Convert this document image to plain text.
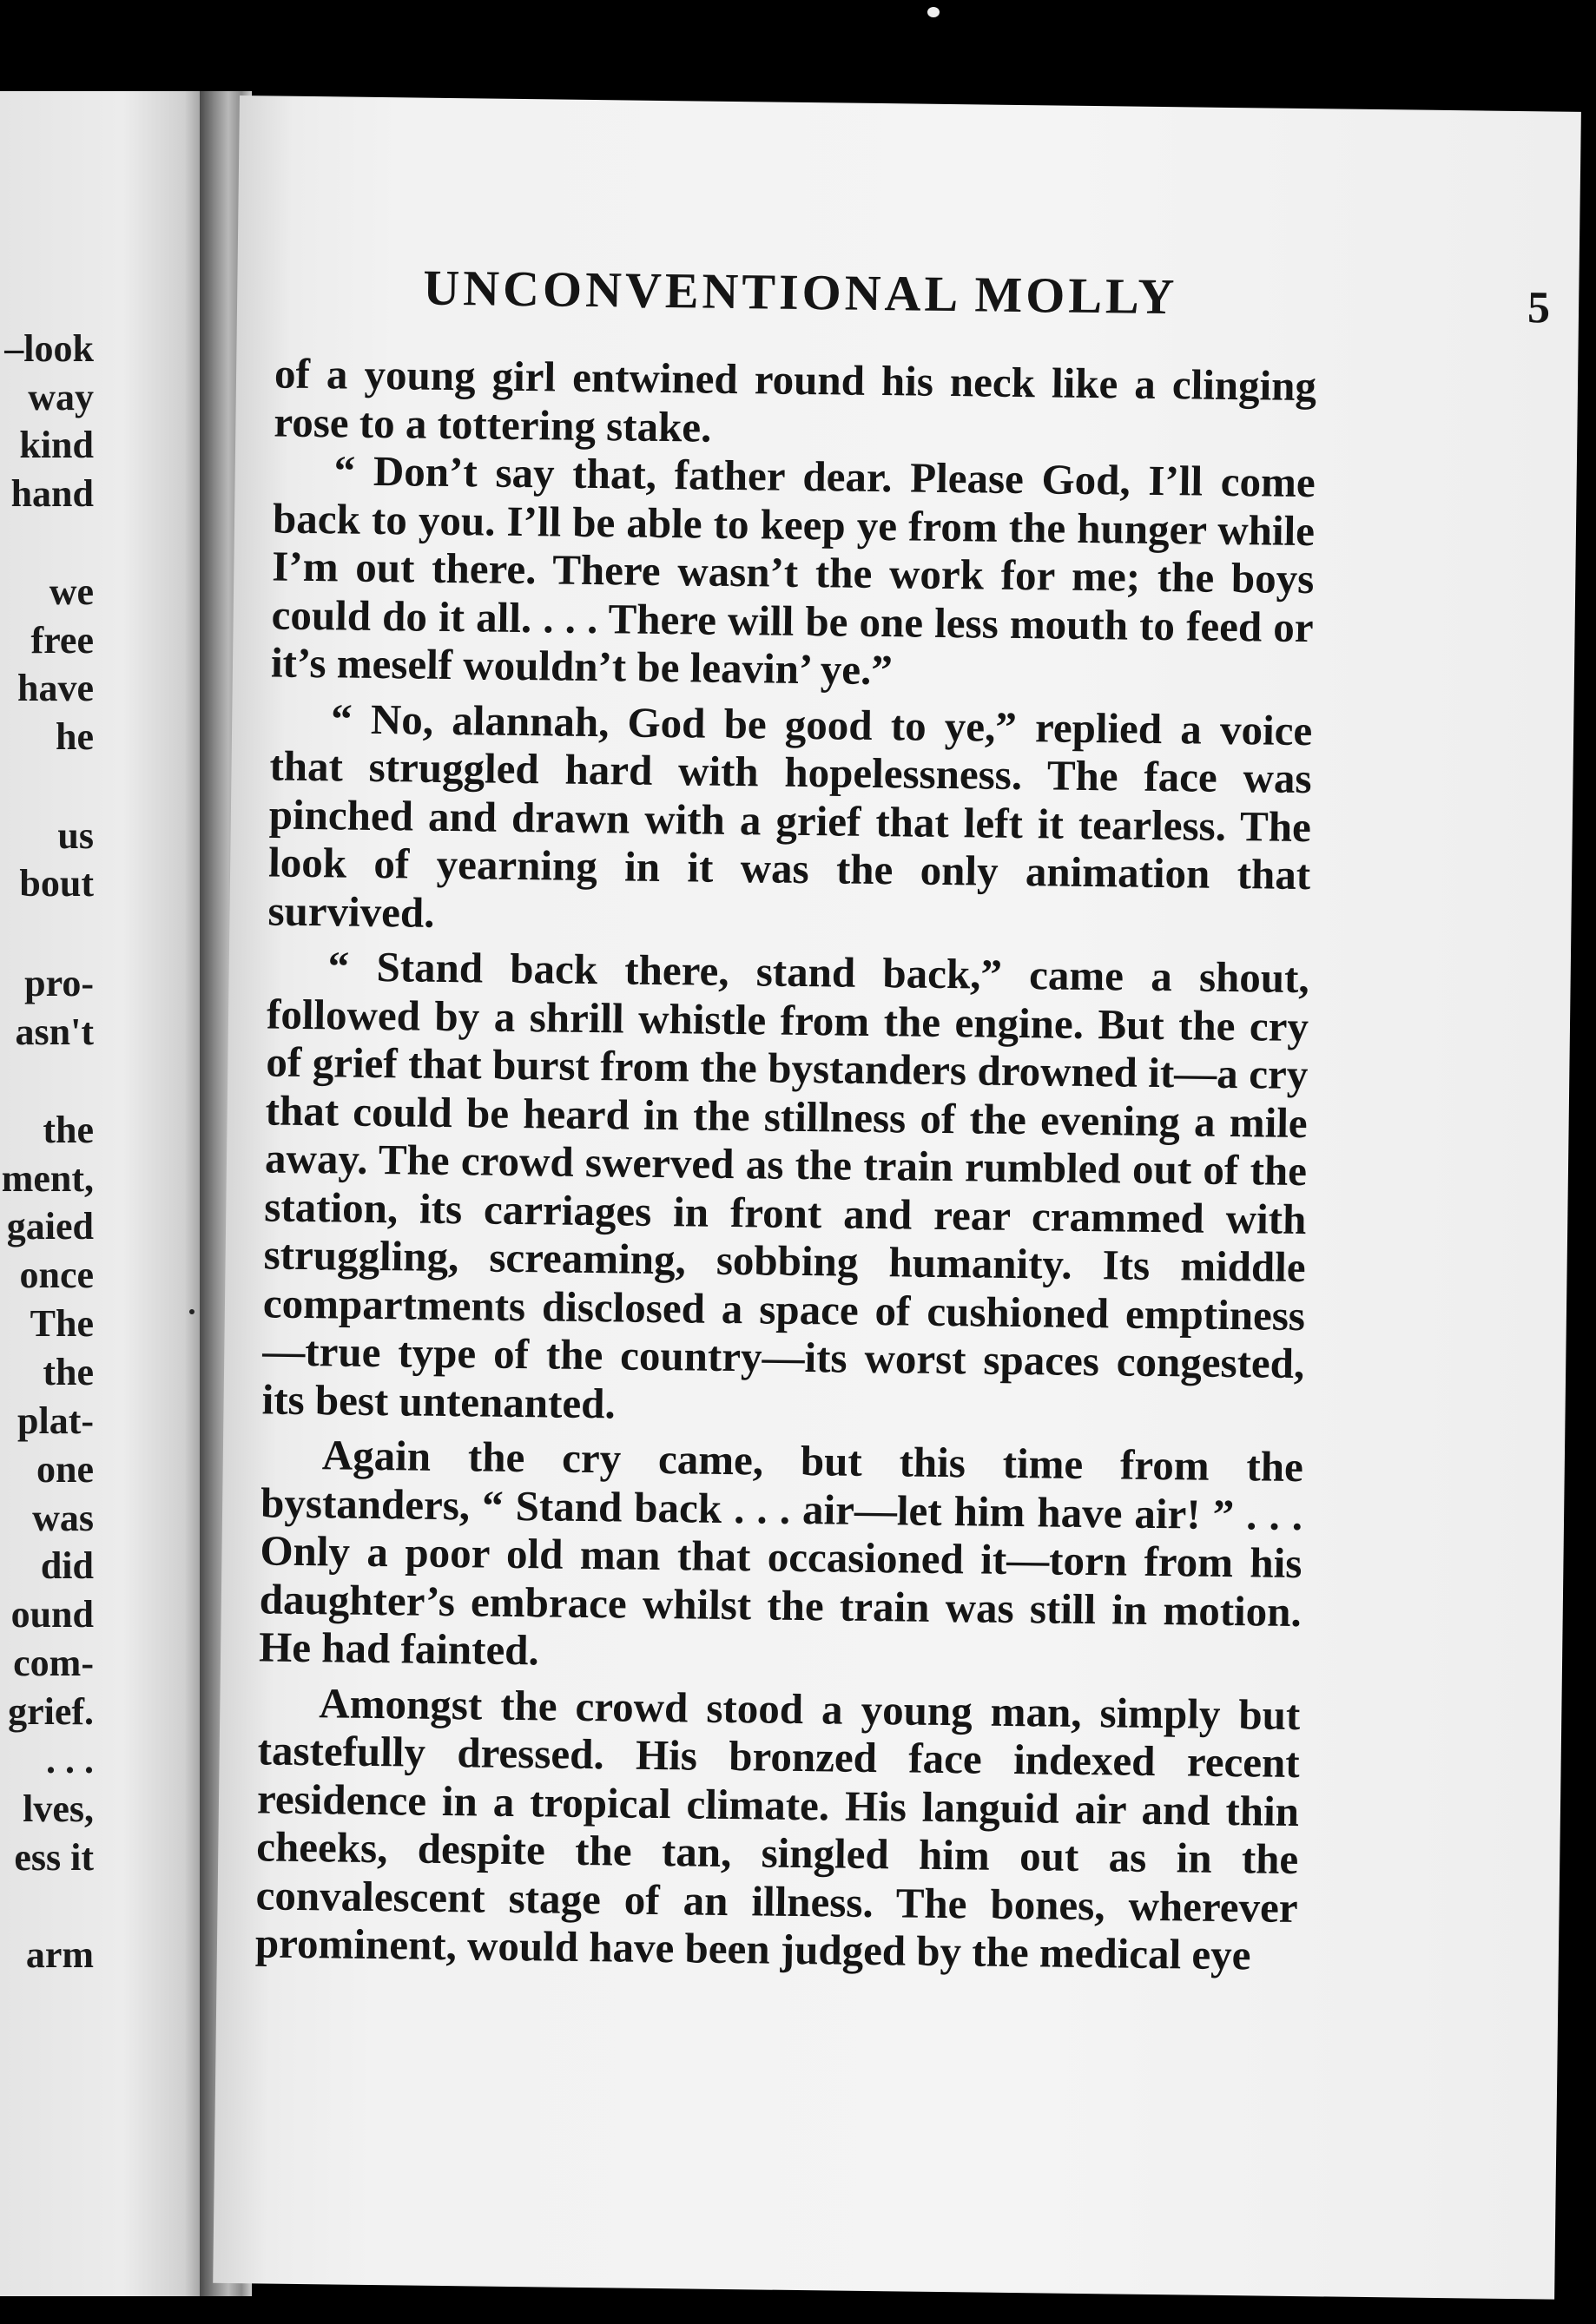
–look
way
kind
hand
we
free
have
he
us
bout
pro-
asn't
the
ment,
gaied
once
The
the
plat-
one
was
did
ound
com-
grief.
. . .
lves,
ess it
arm
UNCONVENTIONAL MOLLY	5

of a young girl entwined round his neck like a clinging rose to a tottering stake.

“ Don’t say that, father dear. Please God, I’ll come back to you. I’ll be able to keep ye from the hunger while I’m out there. There wasn’t the work for me; the boys could do it all. . . . There will be one less mouth to feed or it’s meself wouldn’t be leavin’ ye.”

“ No, alannah, God be good to ye,” replied a voice that struggled hard with hopelessness. The face was pinched and drawn with a grief that left it tearless. The look of yearning in it was the only animation that survived.

“ Stand back there, stand back,” came a shout, followed by a shrill whistle from the engine. But the cry of grief that burst from the bystanders drowned it—a cry that could be heard in the stillness of the evening a mile away. The crowd swerved as the train rumbled out of the station, its carriages in front and rear crammed with struggling, screaming, sobbing humanity. Its middle compartments disclosed a space of cushioned emptiness—true type of the country—its worst spaces congested, its best untenanted.

Again the cry came, but this time from the bystanders, “ Stand back . . . air—let him have air! ” . . . Only a poor old man that occasioned it—torn from his daughter’s embrace whilst the train was still in motion. He had fainted.

Amongst the crowd stood a young man, simply but tastefully dressed. His bronzed face indexed recent residence in a tropical climate. His languid air and thin cheeks, despite the tan, singled him out as in the convalescent stage of an illness. The bones, wherever prominent, would have been judged by the medical eye
